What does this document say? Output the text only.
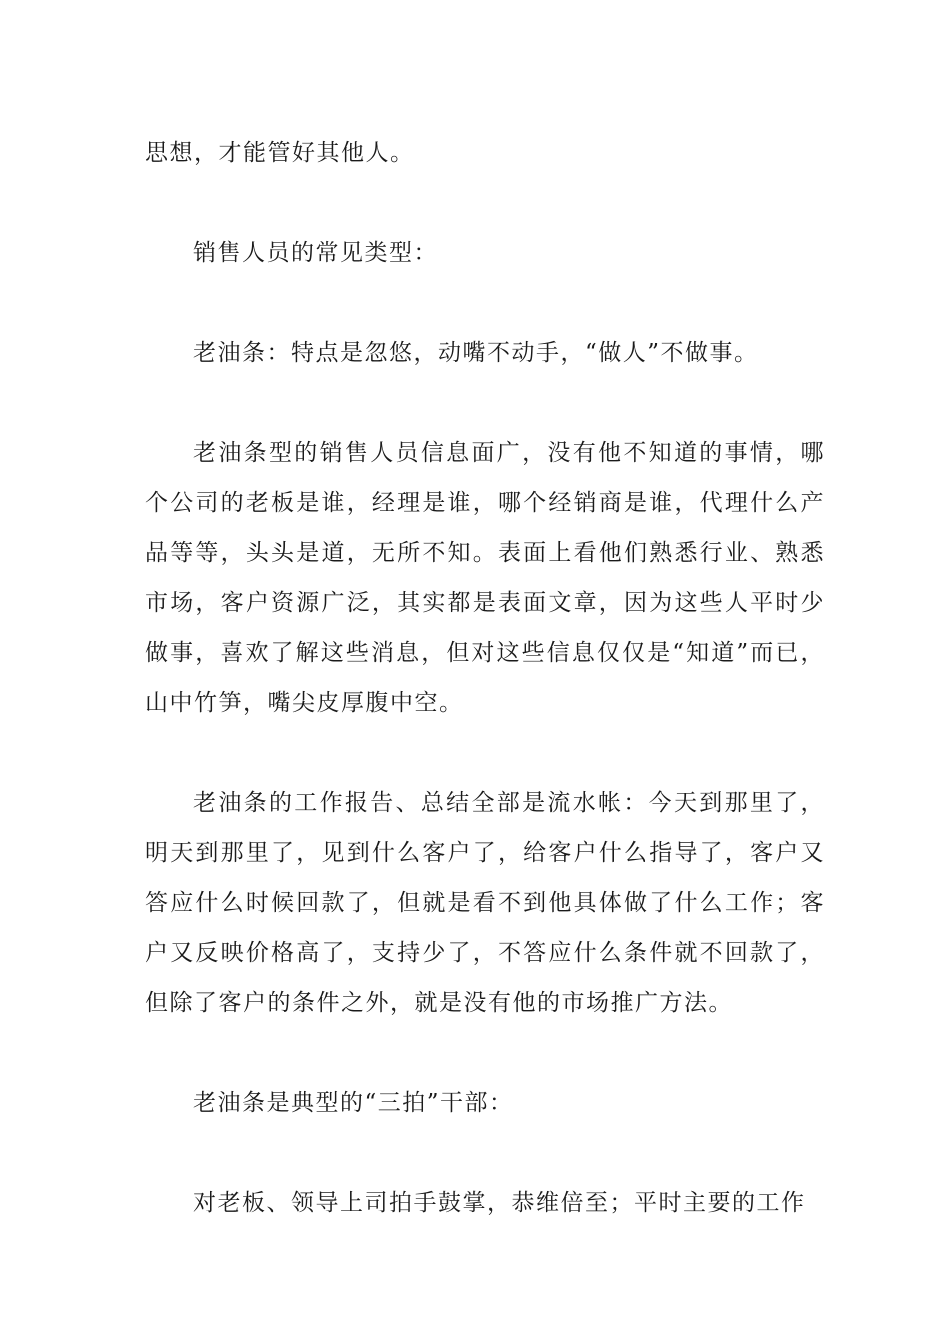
思想，才能管好其他人。

销售人员的常见类型：

老油条：特点是忽悠，动嘴不动手，“做人”不做事。

老油条型的销售人员信息面广，没有他不知道的事情，哪个公司的老板是谁，经理是谁，哪个经销商是谁，代理什么产品等等，头头是道，无所不知。表面上看他们熟悉行业、熟悉市场，客户资源广泛，其实都是表面文章，因为这些人平时少做事，喜欢了解这些消息，但对这些信息仅仅是“知道”而已，山中竹笋，嘴尖皮厚腹中空。

老油条的工作报告、总结全部是流水帐：今天到那里了，明天到那里了，见到什么客户了，给客户什么指导了，客户又答应什么时候回款了，但就是看不到他具体做了什么工作；客户又反映价格高了，支持少了，不答应什么条件就不回款了，但除了客户的条件之外，就是没有他的市场推广方法。

老油条是典型的“三拍”干部：

对老板、领导上司拍手鼓掌，恭维倍至；平时主要的工作
